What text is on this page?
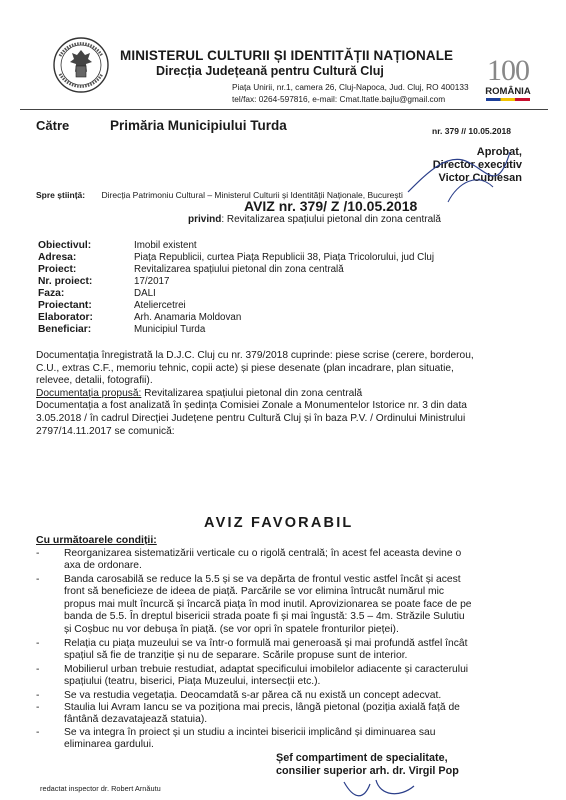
MINISTERUL CULTURII ȘI IDENTITĂȚII NAȚIONALE
Direcția Județeană pentru Cultură Cluj
Piața Unirii, nr.1, camera 26, Cluj-Napoca, Jud. Cluj, RO 400133
tel/fax: 0264-597816, e-mail: Cmat.ltatle.bajlu@gmail.com
100
ROMÂNIA
Către	Primăria Municipiului Turda	nr. 379 // 10.05.2018
Aprobat,
Director executiv
Victor Cublesan
Spre știință: Direcția Patrimoniu Cultural – Ministerul Culturii și Identității Naționale, București
AVIZ nr. 379/ Z /10.05.2018
privind: Revitalizarea spațiului pietonal din zona centrală
Obiectivul:	Imobil existent
Adresa:	Piața Republicii, curtea Piața Republicii 38, Piața Tricolorului, jud Cluj
Proiect:	Revitalizarea spațiului pietonal din zona centrală
Nr. proiect:	17/2017
Faza:	DALI
Proiectant:	Ateliercetrei
Elaborator:	Arh. Anamaria Moldovan
Beneficiar:	Municipiul Turda
Documentația înregistrată la D.J.C. Cluj cu nr. 379/2018 cuprinde: piese scrise (cerere, borderou,
C.U., extras C.F., memoriu tehnic, copii acte) și piese desenate (plan incadrare, plan situatie,
relevee, detalii, fotografii).
Documentația propusă: Revitalizarea spațiului pietonal din zona centrală
Documentația a fost analizată în ședința Comisiei Zonale a Monumentelor Istorice nr. 3 din data
3.05.2018 / în cadrul Direcției Județene pentru Cultură Cluj și în baza P.V. / Ordinului Ministrului
2797/14.11.2017 se comunică:
AVIZ FAVORABIL
Cu următoarele condiții:
-	Reorganizarea sistematizării verticale cu o rigolă centrală; în acest fel aceasta devine o
axa de ordonare.
-	Banda carosabilă se reduce la 5.5 și se va depărta de frontul vestic astfel încât și acest
front să beneficieze de ideea de piață. Parcările se vor elimina întrucât numărul mic
propus mai mult încurcă și încarcă piața în mod inutil. Aprovizionarea se poate face de pe
banda de 5.5. În dreptul bisericii strada poate fi și mai îngustă: 3.5 – 4m. Străzile Sulutiu
și Coșbuc nu vor debușa în piață. (se vor opri în spatele fronturilor pieței).
-	Relația cu piața muzeului se va într-o formulă mai generoasă și mai profundă astfel încât
spațiul să fie de tranziție și nu de separare. Scările propuse sunt de interior.
-	Mobilierul urban trebuie restudiat, adaptat specificului imobilelor adiacente și caracterului
spațiului (teatru, biserici, Piața Muzeului, intersecții etc.).
-	Se va restudia vegetația. Deocamdată s-ar părea că nu există un concept adecvat.
-	Staulia lui Avram Iancu se va poziționa mai precis, lângă pietonal (poziția axială față de
fântână dezavatajează statuia).
-	Se va integra în proiect și un studiu a incintei bisericii implicând și diminuarea sau
eliminarea gardului.
redactat inspector dr. Robert Arnăutu
Șef compartiment de specialitate,
consilier superior arh. dr. Virgil Pop
